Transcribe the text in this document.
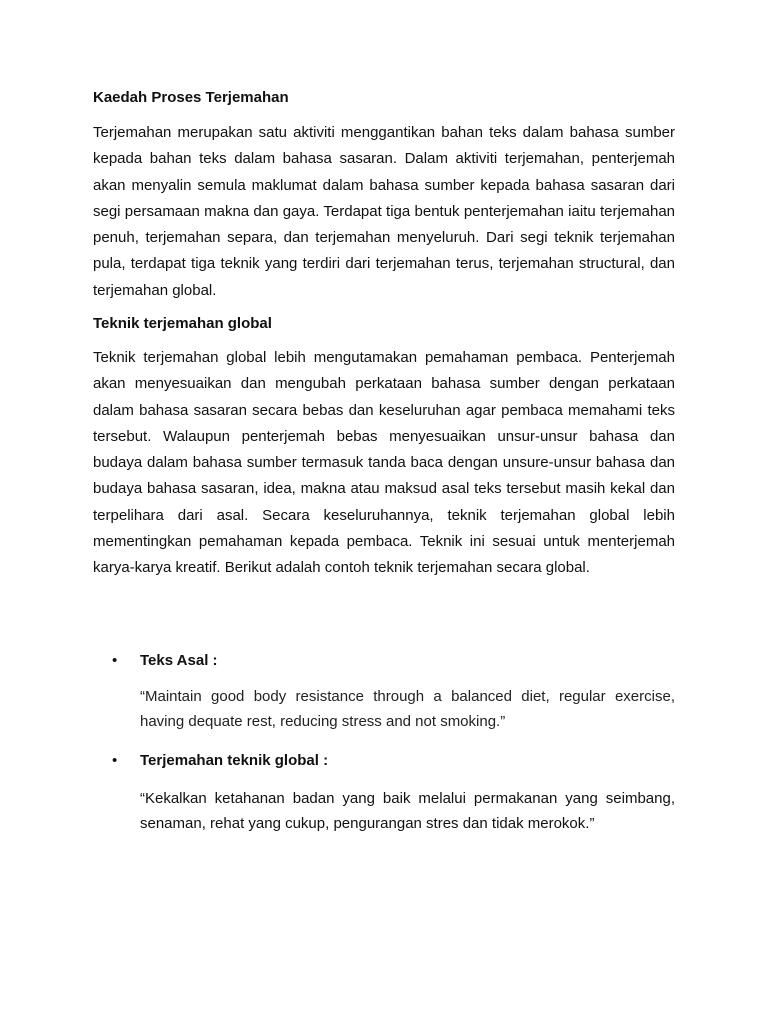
Kaedah Proses Terjemahan

Terjemahan merupakan satu aktiviti menggantikan bahan teks dalam bahasa sumber kepada bahan teks dalam bahasa sasaran. Dalam aktiviti terjemahan, penterjemah akan menyalin semula maklumat dalam bahasa sumber kepada bahasa sasaran dari segi persamaan makna dan gaya. Terdapat tiga bentuk penterjemahan iaitu terjemahan penuh, terjemahan separa, dan terjemahan menyeluruh. Dari segi teknik terjemahan pula, terdapat tiga teknik yang terdiri dari terjemahan terus, terjemahan structural, dan terjemahan global.

Teknik terjemahan global

Teknik terjemahan global lebih mengutamakan pemahaman pembaca. Penterjemah akan menyesuaikan dan mengubah perkataan bahasa sumber dengan perkataan dalam bahasa sasaran secara bebas dan keseluruhan agar pembaca memahami teks tersebut. Walaupun penterjemah bebas menyesuaikan unsur-unsur bahasa dan budaya dalam bahasa sumber termasuk tanda baca dengan unsure-unsur bahasa dan budaya bahasa sasaran, idea, makna atau maksud asal teks tersebut masih kekal dan terpelihara dari asal. Secara keseluruhannya, teknik terjemahan global lebih mementingkan pemahaman kepada pembaca. Teknik ini sesuai untuk menterjemah karya-karya kreatif. Berikut adalah contoh teknik terjemahan secara global.

• Teks Asal :

“Maintain good body resistance through a balanced diet, regular exercise, having dequate rest, reducing stress and not smoking.”

• Terjemahan teknik global :

“Kekalkan ketahanan badan yang baik melalui permakanan yang seimbang, senaman, rehat yang cukup, pengurangan stres dan tidak merokok.”
